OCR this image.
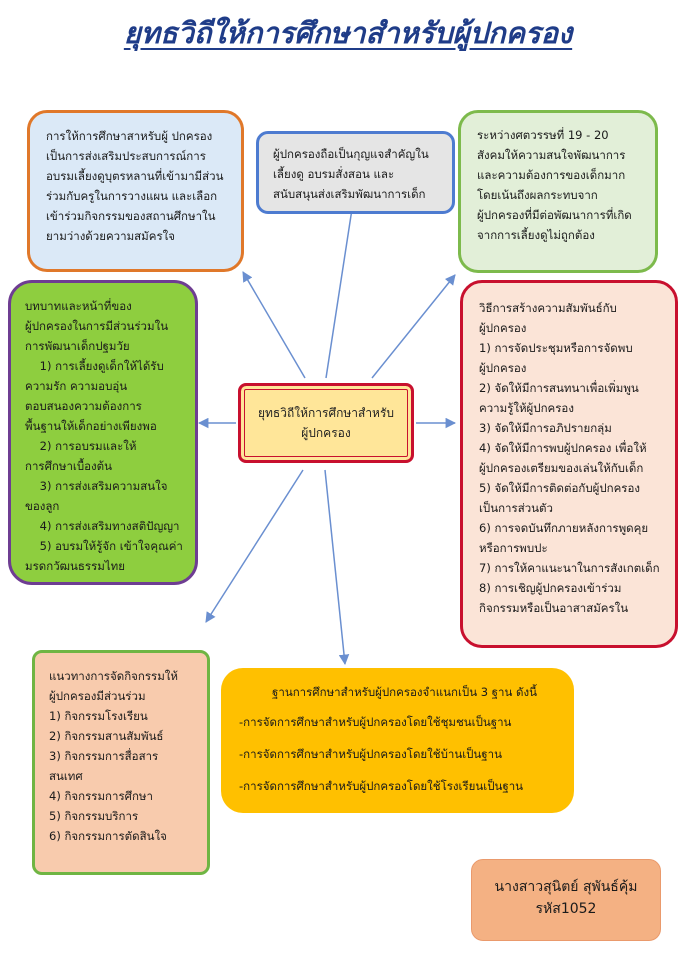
ยุทธวิถีให้การศึกษาสำหรับผู้ปกครอง

การให้การศึกษาสาหรับผู้ ปกครอง

เป็นการส่งเสริมประสบการณ์การ

อบรมเลี้ยงดูบุตรหลานที่เข้ามามีส่วน

ร่วมกับครูในการวางแผน และเลือก

เข้าร่วมกิจกรรมของสถานศึกษาใน

ยามว่างด้วยความสมัครใจ

ผู้ปกครองถือเป็นกุญแจสำคัญใน

เลี้ยงดู อบรมสั่งสอน และ

สนับสนุนส่งเสริมพัฒนาการเด็ก

ระหว่างศตวรรษที่ 19 - 20

สังคมให้ความสนใจพัฒนาการ

และความต้องการของเด็กมาก

โดยเน้นถึงผลกระทบจาก

ผู้ปกครองที่มีต่อพัฒนาการที่เกิด

จากการเลี้ยงดูไม่ถูกต้อง

บทบาทและหน้าที่ของ

ผู้ปกครองในการมีส่วนร่วมใน

การพัฒนาเด็กปฐมวัย

1) การเลี้ยงดูเด็กให้ได้รับ

ความรัก ความอบอุ่น

ตอบสนองความต้องการ

พื้นฐานให้เด็กอย่างเพียงพอ

2) การอบรมและให้

การศึกษาเบื้องต้น

3) การส่งเสริมความสนใจ

ของลูก

4) การส่งเสริมทางสติปัญญา

5) อบรมให้รู้จัก เข้าใจคุณค่า

มรดกวัฒนธรรมไทย

วิธีการสร้างความสัมพันธ์กับ

ผู้ปกครอง

1) การจัดประชุมหรือการจัดพบ

ผู้ปกครอง

2) จัดให้มีการสนทนาเพื่อเพิ่มพูน

ความรู้ให้ผู้ปกครอง

3) จัดให้มีการอภิปรายกลุ่ม

4) จัดให้มีการพบผู้ปกครอง เพื่อให้

ผู้ปกครองเตรียมของเล่นให้กับเด็ก

5) จัดให้มีการติดต่อกับผู้ปกครอง

เป็นการส่วนตัว

6) การจดบันทึกภายหลังการพูดคุย

หรือการพบปะ

7) การให้คาแนะนาในการสังเกตเด็ก

8) การเชิญผู้ปกครองเข้าร่วม

กิจกรรมหรือเป็นอาสาสมัครใน

ยุทธวิถีให้การศึกษาสำหรับ

ผู้ปกครอง

แนวทางการจัดกิจกรรมให้

ผู้ปกครองมีส่วนร่วม

1) กิจกรรมโรงเรียน

2) กิจกรรมสานสัมพันธ์

3) กิจกรรมการสื่อสาร

สนเทศ

4) กิจกรรมการศึกษา

5) กิจกรรมบริการ

6) กิจกรรมการตัดสินใจ

ฐานการศึกษาสำหรับผู้ปกครองจำแนกเป็น 3 ฐาน ดังนี้

-การจัดการศึกษาสำหรับผู้ปกครองโดยใช้ชุมชนเป็นฐาน

-การจัดการศึกษาสำหรับผู้ปกครองโดยใช้บ้านเป็นฐาน

-การจัดการศึกษาสำหรับผู้ปกครองโดยใช้โรงเรียนเป็นฐาน

นางสาวสุนิตย์ สุพันธ์คุ้ม

รหัส1052
